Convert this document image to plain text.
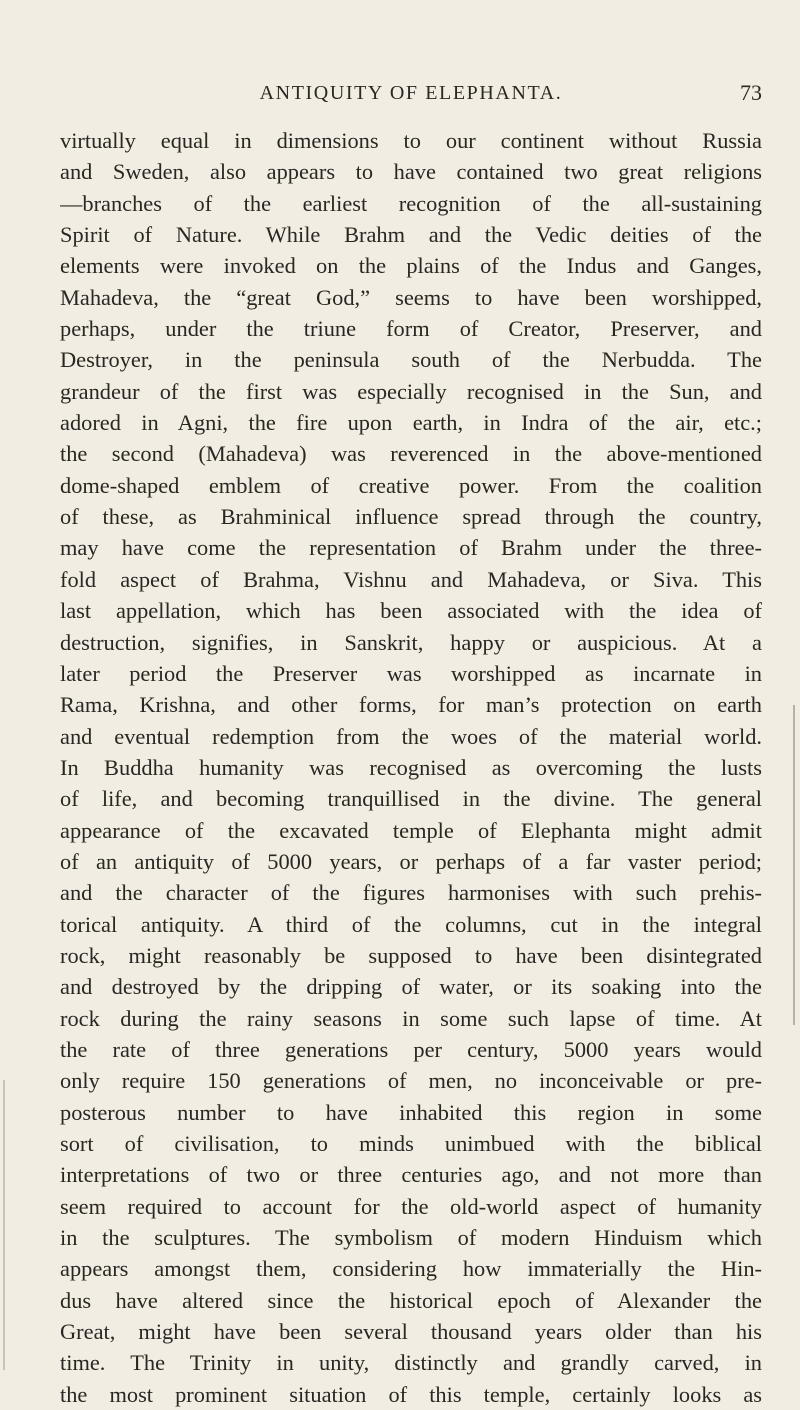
ANTIQUITY OF ELEPHANTA.	73
virtually equal in dimensions to our continent without Russia
and Sweden, also appears to have contained two great religions
—branches of the earliest recognition of the all-sustaining
Spirit of Nature. While Brahm and the Vedic deities of the
elements were invoked on the plains of the Indus and Ganges,
Mahadeva, the “great God,” seems to have been worshipped,
perhaps, under the triune form of Creator, Preserver, and
Destroyer, in the peninsula south of the Nerbudda. The
grandeur of the first was especially recognised in the Sun, and
adored in Agni, the fire upon earth, in Indra of the air, etc.;
the second (Mahadeva) was reverenced in the above-mentioned
dome-shaped emblem of creative power. From the coalition
of these, as Brahminical influence spread through the country,
may have come the representation of Brahm under the three-
fold aspect of Brahma, Vishnu and Mahadeva, or Siva. This
last appellation, which has been associated with the idea of
destruction, signifies, in Sanskrit, happy or auspicious. At a
later period the Preserver was worshipped as incarnate in
Rama, Krishna, and other forms, for man’s protection on earth
and eventual redemption from the woes of the material world.
In Buddha humanity was recognised as overcoming the lusts
of life, and becoming tranquillised in the divine. The general
appearance of the excavated temple of Elephanta might admit
of an antiquity of 5000 years, or perhaps of a far vaster period;
and the character of the figures harmonises with such prehis-
torical antiquity. A third of the columns, cut in the integral
rock, might reasonably be supposed to have been disintegrated
and destroyed by the dripping of water, or its soaking into the
rock during the rainy seasons in some such lapse of time. At
the rate of three generations per century, 5000 years would
only require 150 generations of men, no inconceivable or pre-
posterous number to have inhabited this region in some
sort of civilisation, to minds unimbued with the biblical
interpretations of two or three centuries ago, and not more than
seem required to account for the old-world aspect of humanity
in the sculptures. The symbolism of modern Hinduism which
appears amongst them, considering how immaterially the Hin-
dus have altered since the historical epoch of Alexander the
Great, might have been several thousand years older than his
time. The Trinity in unity, distinctly and grandly carved, in
the most prominent situation of this temple, certainly looks as
